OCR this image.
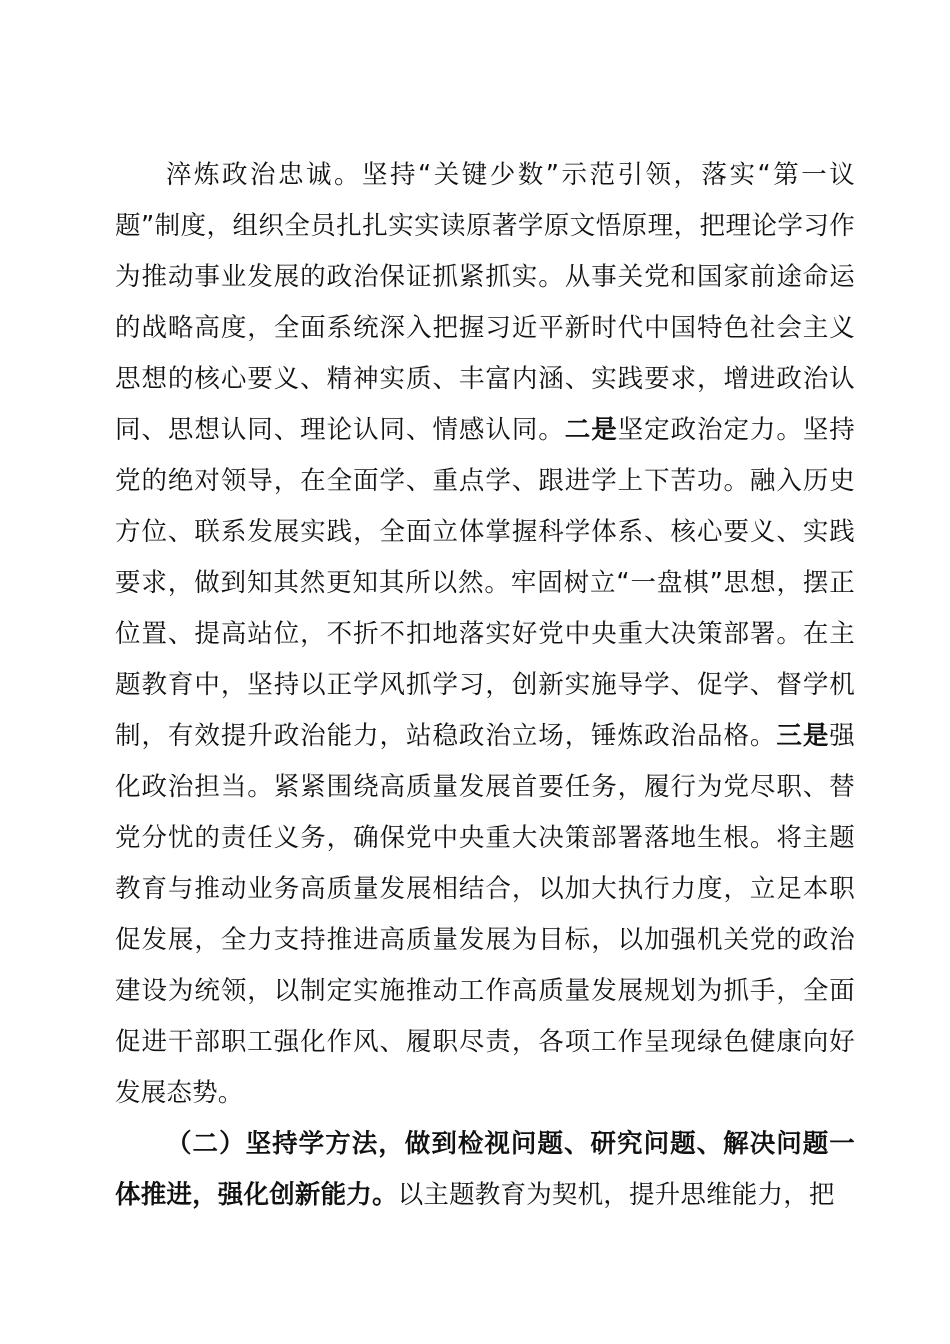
淬炼政治忠诚。坚持“关键少数”示范引领，落实“第一议题”制度，组织全员扎扎实实读原著学原文悟原理，把理论学习作为推动事业发展的政治保证抓紧抓实。从事关党和国家前途命运的战略高度，全面系统深入把握习近平新时代中国特色社会主义思想的核心要义、精神实质、丰富内涵、实践要求，增进政治认同、思想认同、理论认同、情感认同。二是坚定政治定力。坚持党的绝对领导，在全面学、重点学、跟进学上下苦功。融入历史方位、联系发展实践，全面立体掌握科学体系、核心要义、实践要求，做到知其然更知其所以然。牢固树立“一盘棋”思想，摆正位置、提高站位，不折不扣地落实好党中央重大决策部署。在主题教育中，坚持以正学风抓学习，创新实施导学、促学、督学机制，有效提升政治能力，站稳政治立场，锤炼政治品格。三是强化政治担当。紧紧围绕高质量发展首要任务，履行为党尽职、替党分忧的责任义务，确保党中央重大决策部署落地生根。将主题教育与推动业务高质量发展相结合，以加大执行力度，立足本职促发展，全力支持推进高质量发展为目标，以加强机关党的政治建设为统领，以制定实施推动工作高质量发展规划为抓手，全面促进干部职工强化作风、履职尽责，各项工作呈现绿色健康向好发展态势。

（二）坚持学方法，做到检视问题、研究问题、解决问题一体推进，强化创新能力。以主题教育为契机，提升思维能力，把
